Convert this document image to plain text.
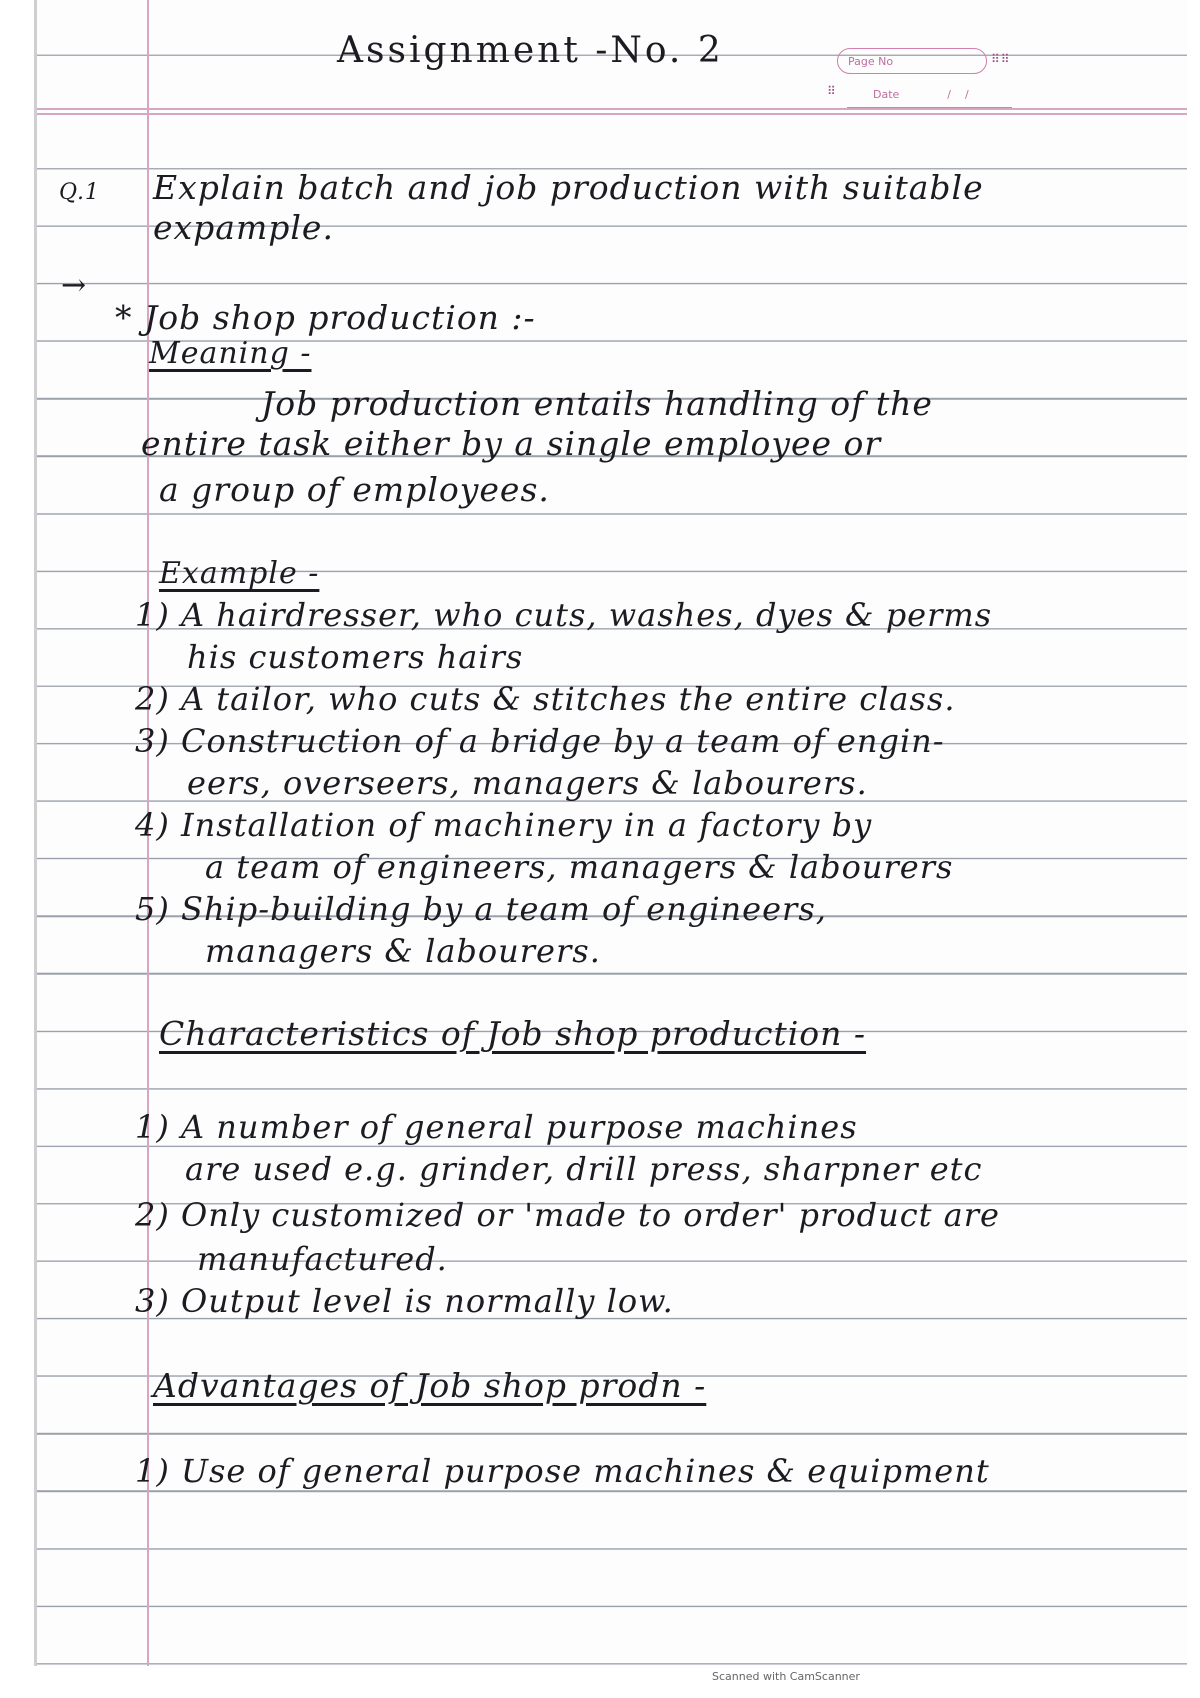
Assignment -No. 2	Page No	⠿⠿
⠿	Date	/    /
Q.1 Explain batch and job production with suitable
expample.
→
* Job shop production :-
Meaning -
Job production entails handling of the
entire task either by a single employee or
a group of employees.
Example -
1) A hairdresser, who cuts, washes, dyes & perms
his customers hairs
2) A tailor, who cuts & stitches the entire class.
3) Construction of a bridge by a team of engin-
eers, overseers, managers & labourers.
4) Installation of machinery in a factory by
a team of engineers, managers & labourers
5) Ship-building by a team of engineers,
managers & labourers.
Characteristics of Job shop production -
1) A number of general purpose machines
are used e.g. grinder, drill press, sharpner etc
2) Only customized or 'made to order' product are
manufactured.
3) Output level is normally low.
Advantages of Job shop prodn -
1) Use of general purpose machines & equipment
Scanned with CamScanner
